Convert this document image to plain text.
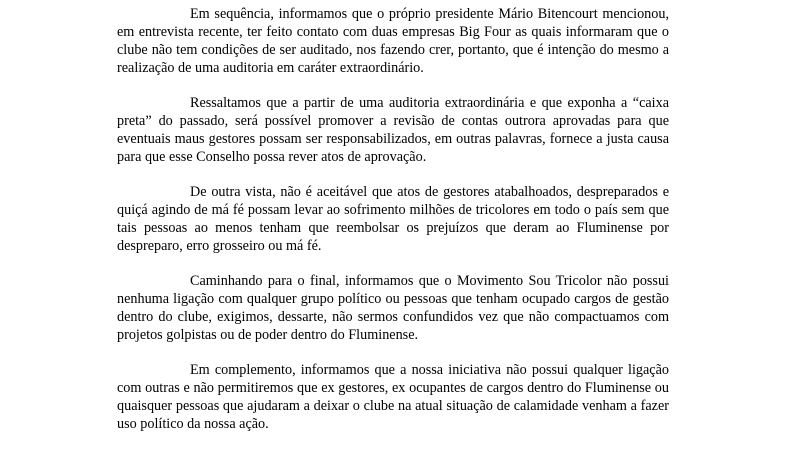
Em sequência, informamos que o próprio presidente Mário Bitencourt mencionou, em entrevista recente, ter feito contato com duas empresas Big Four as quais informaram que o clube não tem condições de ser auditado, nos fazendo crer, portanto, que é intenção do mesmo a realização de uma auditoria em caráter extraordinário.

Ressaltamos que a partir de uma auditoria extraordinária e que exponha a “caixa preta” do passado, será possível promover a revisão de contas outrora aprovadas para que eventuais maus gestores possam ser responsabilizados, em outras palavras, fornece a justa causa para que esse Conselho possa rever atos de aprovação.

De outra vista, não é aceitável que atos de gestores atabalhoados, despreparados e quiçá agindo de má fé possam levar ao sofrimento milhões de tricolores em todo o país sem que tais pessoas ao menos tenham que reembolsar os prejuízos que deram ao Fluminense por despreparo, erro grosseiro ou má fé.

Caminhando para o final, informamos que o Movimento Sou Tricolor não possui nenhuma ligação com qualquer grupo político ou pessoas que tenham ocupado cargos de gestão dentro do clube, exigimos, dessarte, não sermos confundidos vez que não compactuamos com projetos golpistas ou de poder dentro do Fluminense.

Em complemento, informamos que a nossa iniciativa não possui qualquer ligação com outras e não permitiremos que ex gestores, ex ocupantes de cargos dentro do Fluminense ou quaisquer pessoas que ajudaram a deixar o clube na atual situação de calamidade venham a fazer uso político da nossa ação.
